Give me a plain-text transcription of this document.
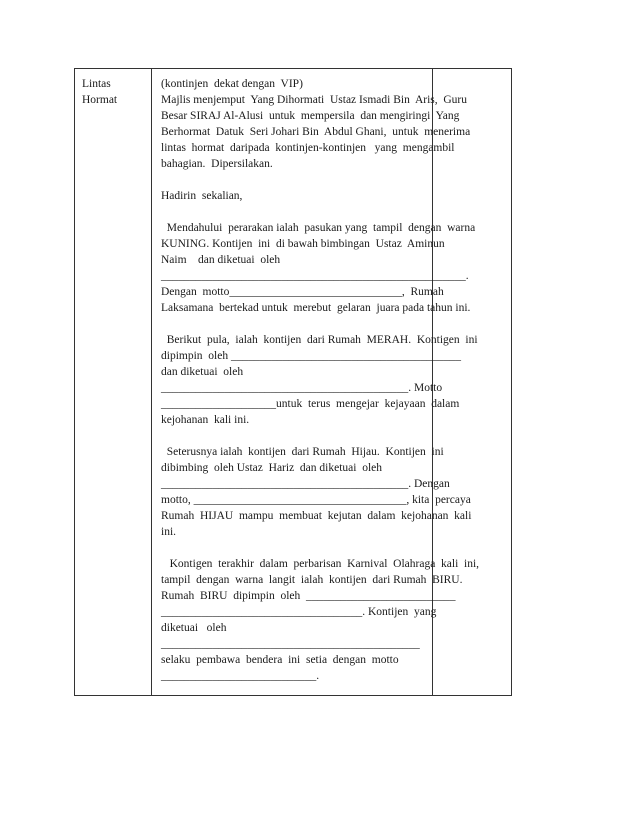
Lintas
Hormat
(kontinjen  dekat dengan  VIP)
Majlis menjemput  Yang Dihormati  Ustaz Ismadi Bin  Aris,  Guru
Besar SIRAJ Al-Alusi  untuk  mempersila  dan mengiringi  Yang
Berhormat  Datuk  Seri Johari Bin  Abdul Ghani,  untuk  menerima
lintas  hormat  daripada  kontinjen-kontinjen   yang  mengambil
bahagian.  Dipersilakan.
Hadirin  sekalian,
Mendahului  perarakan ialah  pasukan yang  tampil  dengan  warna
KUNING. Kontijen  ini  di bawah bimbingan  Ustaz  Aminun
Naim    dan diketuai  oleh
_____________________________________________________.
Dengan  motto______________________________,  Rumah
Laksamana  bertekad untuk  merebut  gelaran  juara pada tahun ini.
Berikut  pula,  ialah  kontijen  dari Rumah  MERAH.  Kontigen  ini
dipimpin  oleh ________________________________________
dan diketuai  oleh
___________________________________________. Motto
____________________untuk  terus  mengejar  kejayaan  dalam
kejohanan  kali ini.
Seterusnya ialah  kontijen  dari Rumah  Hijau.  Kontijen  ini
dibimbing  oleh Ustaz  Hariz  dan diketuai  oleh
___________________________________________. Dengan
motto, _____________________________________, kita  percaya
Rumah  HIJAU  mampu  membuat  kejutan  dalam  kejohanan  kali
ini.
Kontigen  terakhir  dalam  perbarisan  Karnival  Olahraga  kali  ini,
tampil  dengan  warna  langit  ialah  kontijen  dari Rumah  BIRU.
Rumah  BIRU  dipimpin  oleh  __________________________
___________________________________. Kontijen  yang
diketuai   oleh
_____________________________________________
selaku  pembawa  bendera  ini  setia  dengan  motto
___________________________.
